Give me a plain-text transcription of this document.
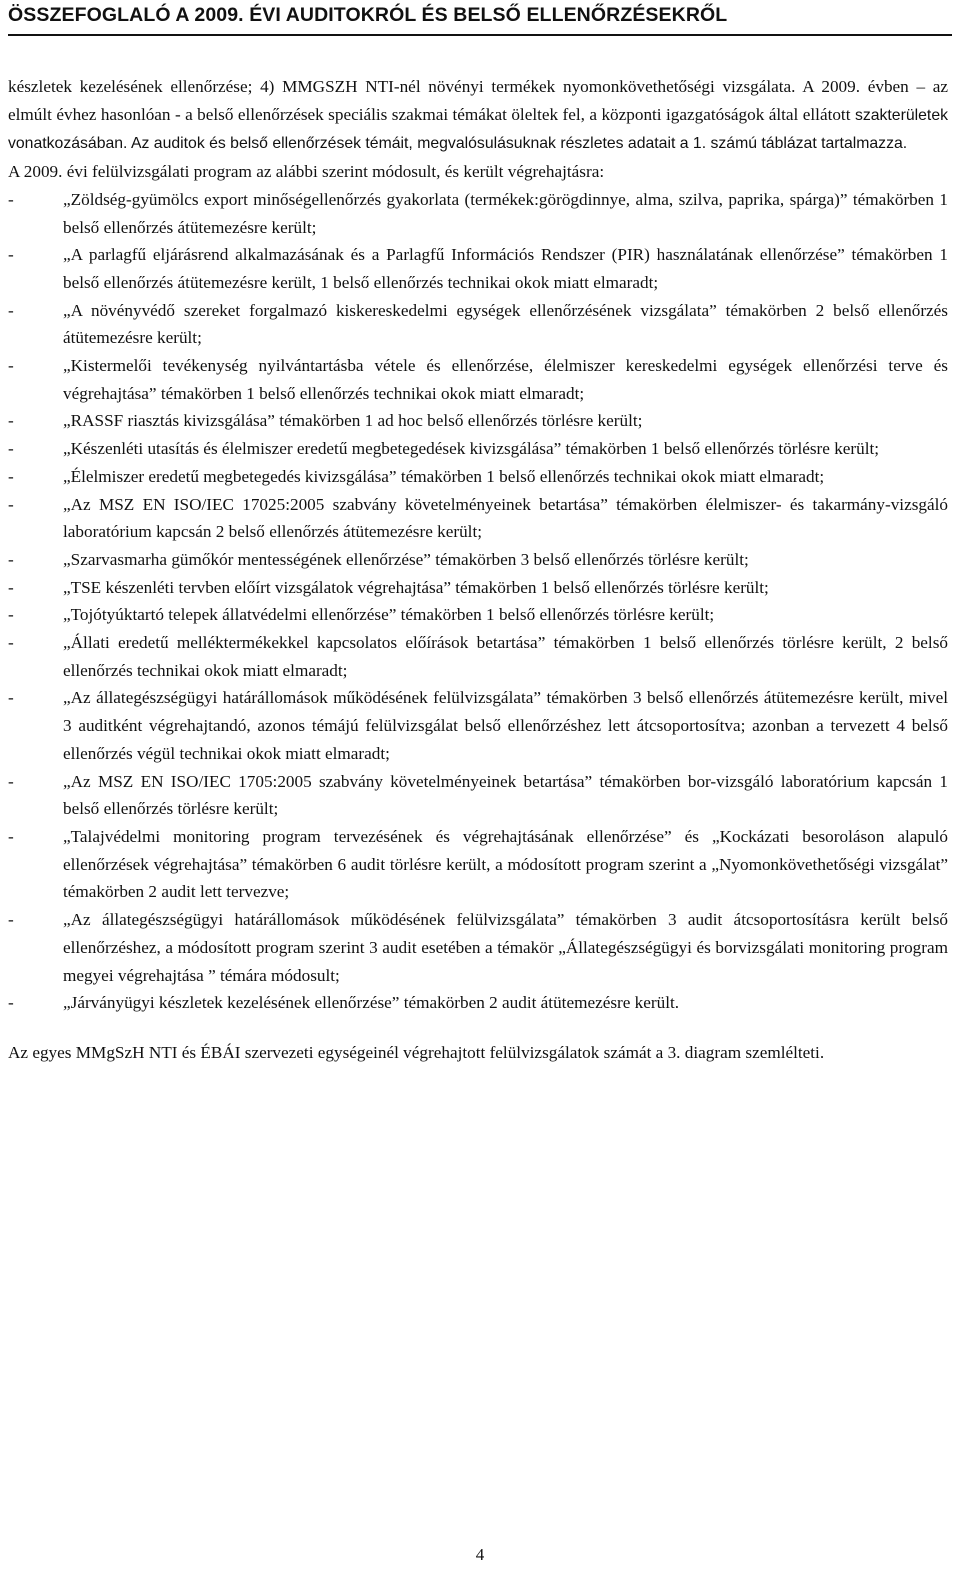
ÖSSZEFOGLALÓ A 2009. ÉVI AUDITOKRÓL ÉS BELSŐ ELLENŐRZÉSEKRŐL

készletek kezelésének ellenőrzése; 4) MMGSZH NTI-nél növényi termékek nyomonkövethetőségi vizsgálata. A 2009. évben – az elmúlt évhez hasonlóan - a belső ellenőrzések speciális szakmai témákat öleltek fel, a központi igazgatóságok által ellátott szakterületek vonatkozásában. Az auditok és belső ellenőrzések témáit, megvalósulásuknak részletes adatait a 1. számú táblázat tartalmazza.

A 2009. évi felülvizsgálati program az alábbi szerint módosult, és került végrehajtásra:

-	„Zöldség-gyümölcs export minőségellenőrzés gyakorlata (termékek:görögdinnye, alma, szilva, paprika, spárga)” témakörben 1 belső ellenőrzés átütemezésre került;
-	„A parlagfű eljárásrend alkalmazásának és a Parlagfű Információs Rendszer (PIR) használatának ellenőrzése” témakörben 1 belső ellenőrzés átütemezésre került, 1 belső ellenőrzés technikai okok miatt elmaradt;
-	„A növényvédő szereket forgalmazó kiskereskedelmi egységek ellenőrzésének vizsgálata” témakörben 2 belső ellenőrzés átütemezésre került;
-	„Kistermelői tevékenység nyilvántartásba vétele és ellenőrzése, élelmiszer kereskedelmi egységek ellenőrzési terve és végrehajtása” témakörben 1 belső ellenőrzés technikai okok miatt elmaradt;
-	„RASSF riasztás kivizsgálása” témakörben 1 ad hoc belső ellenőrzés törlésre került;
-	„Készenléti utasítás és élelmiszer eredetű megbetegedések kivizsgálása” témakörben 1 belső ellenőrzés törlésre került;
-	„Élelmiszer eredetű megbetegedés kivizsgálása” témakörben 1 belső ellenőrzés technikai okok miatt elmaradt;
-	„Az MSZ EN ISO/IEC 17025:2005 szabvány követelményeinek betartása” témakörben élelmiszer- és takarmány-vizsgáló laboratórium kapcsán 2 belső ellenőrzés átütemezésre került;
-	„Szarvasmarha gümőkór mentességének ellenőrzése” témakörben 3 belső ellenőrzés törlésre került;
-	„TSE készenléti tervben előírt vizsgálatok végrehajtása” témakörben 1 belső ellenőrzés törlésre került;
-	„Tojótyúktartó telepek állatvédelmi ellenőrzése” témakörben 1 belső ellenőrzés törlésre került;
-	„Állati eredetű melléktermékekkel kapcsolatos előírások betartása” témakörben 1 belső ellenőrzés törlésre került, 2 belső ellenőrzés technikai okok miatt elmaradt;
-	„Az állategészségügyi határállomások működésének felülvizsgálata” témakörben 3 belső ellenőrzés átütemezésre került, mivel 3 auditként végrehajtandó, azonos témájú felülvizsgálat belső ellenőrzéshez lett átcsoportosítva; azonban a tervezett 4 belső ellenőrzés végül technikai okok miatt elmaradt;
-	„Az MSZ EN ISO/IEC 1705:2005 szabvány követelményeinek betartása” témakörben bor-vizsgáló laboratórium kapcsán 1 belső ellenőrzés törlésre került;
-	„Talajvédelmi monitoring program tervezésének és végrehajtásának ellenőrzése” és „Kockázati besoroláson alapuló ellenőrzések végrehajtása” témakörben 6 audit törlésre került, a módosított program szerint a „Nyomonkövethetőségi vizsgálat” témakörben 2 audit lett tervezve;
-	„Az állategészségügyi határállomások működésének felülvizsgálata” témakörben 3 audit átcsoportosításra került belső ellenőrzéshez, a módosított program szerint 3 audit esetében a témakör „Állategészségügyi és borvizsgálati monitoring program megyei végrehajtása ” témára módosult;
-	„Járványügyi készletek kezelésének ellenőrzése” témakörben 2 audit átütemezésre került.

Az egyes MMgSzH NTI és ÉBÁI szervezeti egységeinél végrehajtott felülvizsgálatok számát a 3. diagram szemlélteti.

4
